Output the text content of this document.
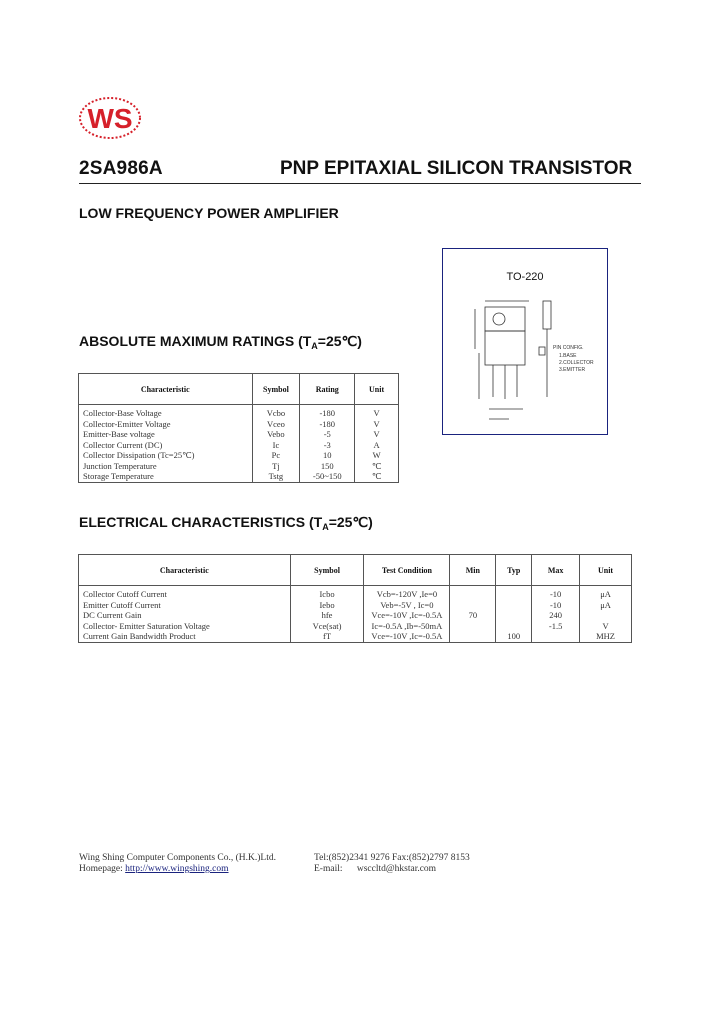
WS
2SA986A	PNP EPITAXIAL SILICON TRANSISTOR
LOW FREQUENCY POWER AMPLIFIER
TO-220
PIN CONFIG.
1.BASE
2.COLLECTOR
3.EMITTER
ABSOLUTE MAXIMUM RATINGS $(T_A=25℃)$
Characteristic	Symbol	Rating	Unit
Collector-Base Voltage	Vcbo	-180	V
Collector-Emitter Voltage	Vceo	-180	V
Emitter-Base voltage	Vebo	-5	V
Collector Current (DC)	Ic	-3	A
Collector Dissipation (Tc=25℃)	Pc	10	W
Junction Temperature	Tj	150	℃
Storage Temperature	Tstg	-50~150	℃
ELECTRICAL CHARACTERISTICS $(T_A=25℃)$
Characteristic	Symbol	Test Condition	Min	Typ	Max	Unit
Collector Cutoff Current	Icbo	Vcb=-120V ,Ie=0			-10	μA
Emitter Cutoff Current	Iebo	Veb=-5V , Ic=0			-10	μA
DC Current Gain	hfe	Vce=-10V ,Ic=-0.5A	70		240	
Collector- Emitter Saturation Voltage	Vce(sat)	Ic=-0.5A ,Ib=-50mA			-1.5	V
Current Gain Bandwidth Product	fT	Vce=-10V ,Ic=-0.5A		100		MHZ
Wing Shing Computer Components Co., (H.K.)Ltd.
Homepage: http://www.wingshing.com
Tel:(852)2341 9276 Fax:(852)2797 8153
E-mail: wsccltd@hkstar.com
